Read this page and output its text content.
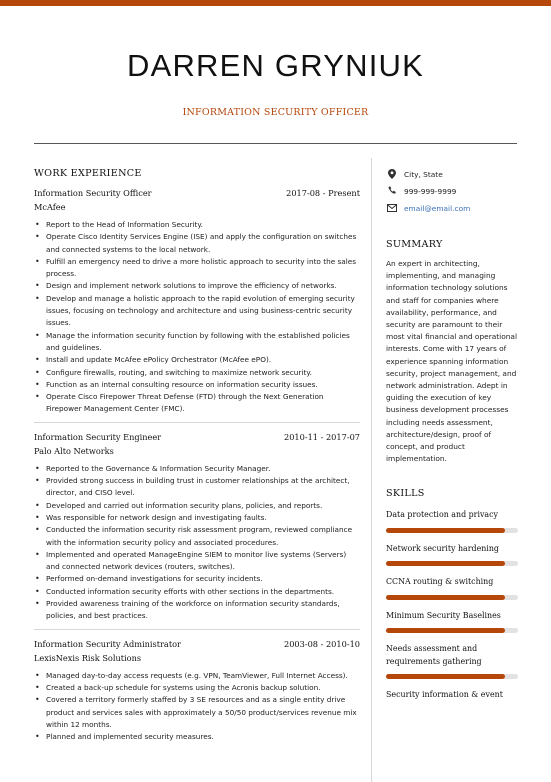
DARREN GRYNIUK
INFORMATION SECURITY OFFICER
WORK EXPERIENCE
Information Security Officer	2017-08 - Present
McAfee
• Report to the Head of Information Security.
• Operate Cisco Identity Services Engine (ISE) and apply the configuration on switches and connected systems to the local network.
• Fulfill an emergency need to drive a more holistic approach to security into the sales process.
• Design and implement network solutions to improve the efficiency of networks.
• Develop and manage a holistic approach to the rapid evolution of emerging security issues, focusing on technology and architecture and using business-centric security issues.
• Manage the information security function by following with the established policies and guidelines.
• Install and update McAfee ePolicy Orchestrator (McAfee ePO).
• Configure firewalls, routing, and switching to maximize network security.
• Function as an internal consulting resource on information security issues.
• Operate Cisco Firepower Threat Defense (FTD) through the Next Generation Firepower Management Center (FMC).
Information Security Engineer	2010-11 - 2017-07
Palo Alto Networks
• Reported to the Governance & Information Security Manager.
• Provided strong success in building trust in customer relationships at the architect, director, and CISO level.
• Developed and carried out information security plans, policies, and reports.
• Was responsible for network design and investigating faults.
• Conducted the information security risk assessment program, reviewed compliance with the information security policy and associated procedures.
• Implemented and operated ManageEngine SIEM to monitor live systems (Servers) and connected network devices (routers, switches).
• Performed on-demand investigations for security incidents.
• Conducted information security efforts with other sections in the departments.
• Provided awareness training of the workforce on information security standards, policies, and best practices.
Information Security Administrator	2003-08 - 2010-10
LexisNexis Risk Solutions
• Managed day-to-day access requests (e.g. VPN, TeamViewer, Full Internet Access).
• Created a back-up schedule for systems using the Acronis backup solution.
• Covered a territory formerly staffed by 3 SE resources and as a single entity drive product and services sales with approximately a 50/50 product/services revenue mix within 12 months.
• Planned and implemented security measures.
City, State
999-999-9999
email@email.com
SUMMARY
An expert in architecting, implementing, and managing information technology solutions and staff for companies where availability, performance, and security are paramount to their most vital financial and operational interests. Come with 17 years of experience spanning information security, project management, and network administration. Adept in guiding the execution of key business development processes including needs assessment, architecture/design, proof of concept, and product implementation.
SKILLS
Data protection and privacy
Network security hardening
CCNA routing & switching
Minimum Security Baselines
Needs assessment and requirements gathering
Security information & event
